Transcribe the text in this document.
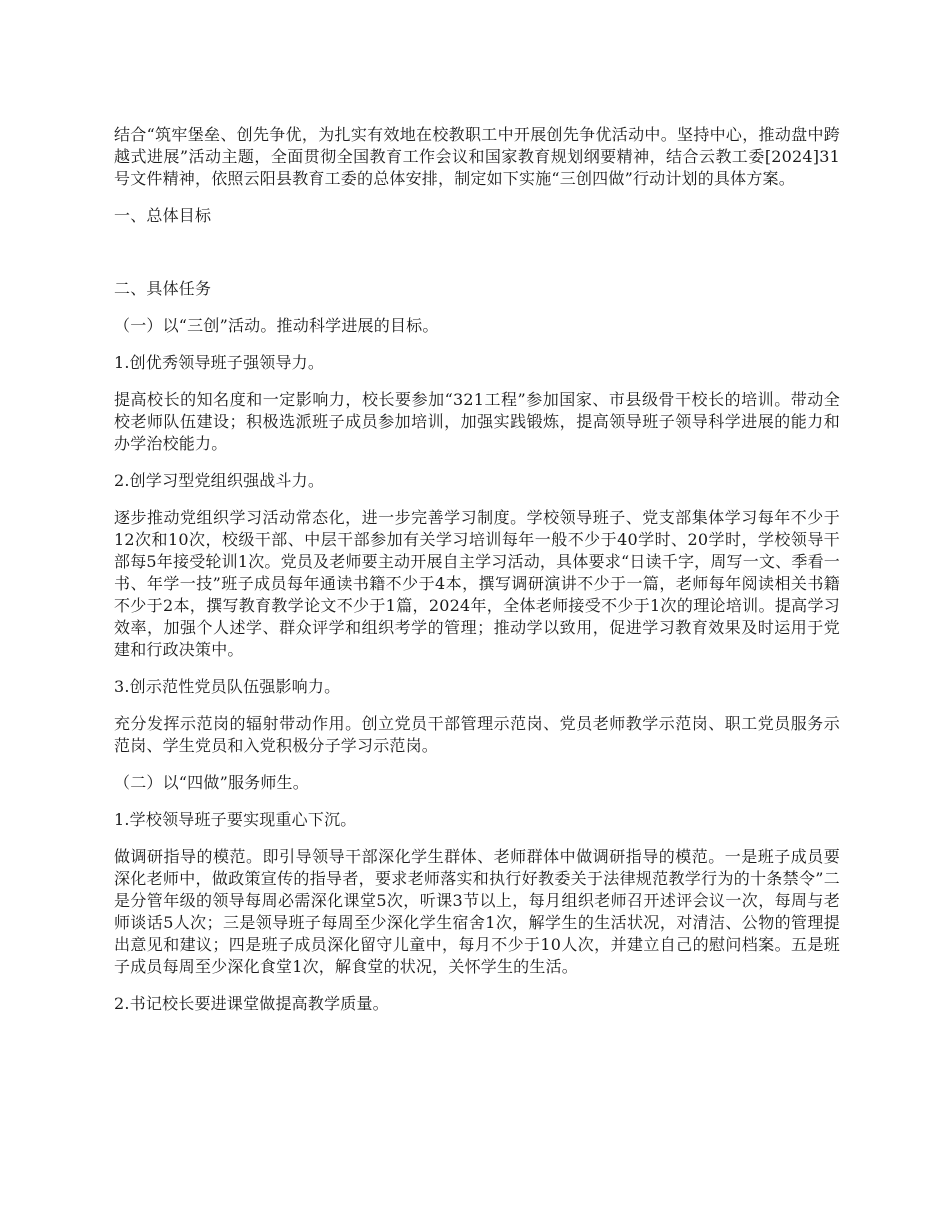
结合“筑牢堡垒、创先争优，为扎实有效地在校教职工中开展创先争优活动中。坚持中心，推动盘中跨越式进展”活动主题，全面贯彻全国教育工作会议和国家教育规划纲要精神，结合云教工委[2024]31号文件精神，依照云阳县教育工委的总体安排，制定如下实施“三创四做”行动计划的具体方案。

一、总体目标

二、具体任务

（一）以“三创”活动。推动科学进展的目标。

1.创优秀领导班子强领导力。

提高校长的知名度和一定影响力，校长要参加“321工程”参加国家、市县级骨干校长的培训。带动全校老师队伍建设；积极选派班子成员参加培训，加强实践锻炼，提高领导班子领导科学进展的能力和办学治校能力。

2.创学习型党组织强战斗力。

逐步推动党组织学习活动常态化，进一步完善学习制度。学校领导班子、党支部集体学习每年不少于12次和10次，校级干部、中层干部参加有关学习培训每年一般不少于40学时、20学时，学校领导干部每5年接受轮训1次。党员及老师要主动开展自主学习活动，具体要求“日读千字，周写一文、季看一书、年学一技”班子成员每年通读书籍不少于4本，撰写调研演讲不少于一篇，老师每年阅读相关书籍不少于2本，撰写教育教学论文不少于1篇，2024年，全体老师接受不少于1次的理论培训。提高学习效率，加强个人述学、群众评学和组织考学的管理；推动学以致用，促进学习教育效果及时运用于党建和行政决策中。

3.创示范性党员队伍强影响力。

充分发挥示范岗的辐射带动作用。创立党员干部管理示范岗、党员老师教学示范岗、职工党员服务示范岗、学生党员和入党积极分子学习示范岗。

（二）以“四做”服务师生。

1.学校领导班子要实现重心下沉。

做调研指导的模范。即引导领导干部深化学生群体、老师群体中做调研指导的模范。一是班子成员要深化老师中，做政策宣传的指导者，要求老师落实和执行好教委关于法律规范教学行为的十条禁令”二是分管年级的领导每周必需深化课堂5次，听课3节以上，每月组织老师召开述评会议一次，每周与老师谈话5人次；三是领导班子每周至少深化学生宿舍1次，解学生的生活状况，对清洁、公物的管理提出意见和建议；四是班子成员深化留守儿童中，每月不少于10人次，并建立自己的慰问档案。五是班子成员每周至少深化食堂1次，解食堂的状况，关怀学生的生活。

2.书记校长要进课堂做提高教学质量。
